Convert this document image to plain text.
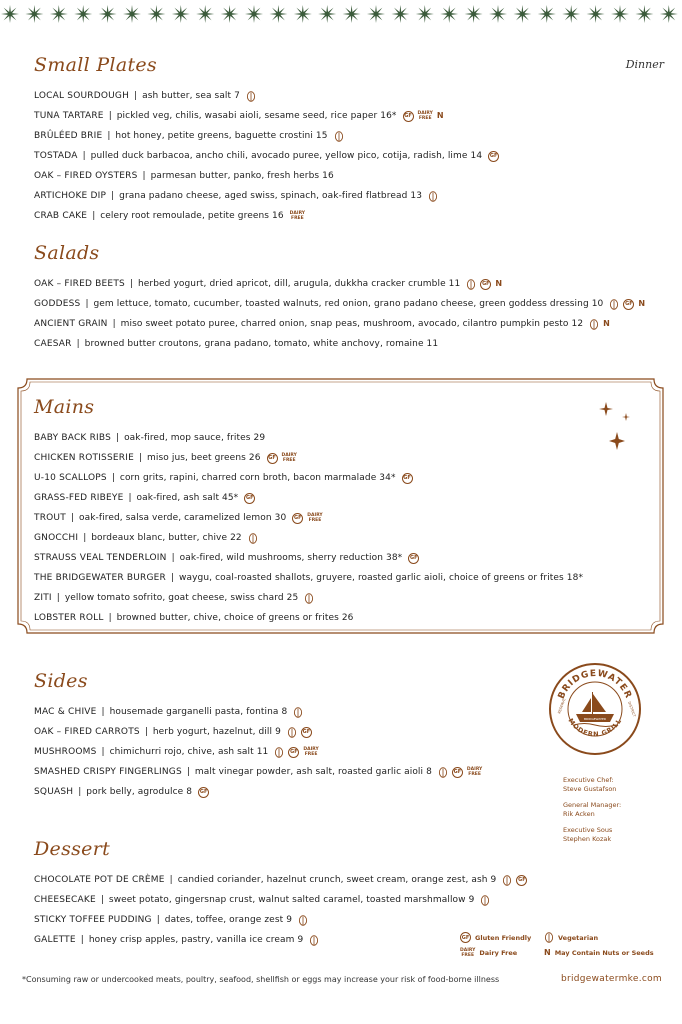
Dinner
Small Plates
LOCAL SOURDOUGH | ash butter, sea salt 7
TUNA TARTARE | pickled veg, chilis, wasabi aioli, sesame seed, rice paper 16*	GF	DAIRY
FREE N
BRÛLÉED BRIE | hot honey, petite greens, baguette crostini 15
TOSTADA | pulled duck barbacoa, ancho chili, avocado puree, yellow pico, cotija, radish, lime 14	GF
OAK – FIRED OYSTERS | parmesan butter, panko, fresh herbs 16
ARTICHOKE DIP | grana padano cheese, aged swiss, spinach, oak-fired flatbread 13
CRAB CAKE | celery root remoulade, petite greens 16 DAIRY
FREE
Salads
OAK – FIRED BEETS | herbed yogurt, dried apricot, dill, arugula, dukkha cracker crumble 11	GF N
GODDESS | gem lettuce, tomato, cucumber, toasted walnuts, red onion, grano padano cheese, green goddess dressing 10	GF N
ANCIENT GRAIN | miso sweet potato puree, charred onion, snap peas, mushroom, avocado, cilantro pumpkin pesto 12	N
CAESAR | browned butter croutons, grana padano, tomato, white anchovy, romaine 11
Mains
BABY BACK RIBS | oak-fired, mop sauce, frites 29
CHICKEN ROTISSERIE | miso jus, beet greens 26	GF	DAIRY
FREE
U-10 SCALLOPS | corn grits, rapini, charred corn broth, bacon marmalade 34*	GF
GRASS-FED RIBEYE | oak-fired, ash salt 45*	GF
TROUT | oak-fired, salsa verde, caramelized lemon 30	GF	DAIRY
FREE
GNOCCHI | bordeaux blanc, butter, chive 22
STRAUSS VEAL TENDERLOIN | oak-fired, wild mushrooms, sherry reduction 38*	GF
THE BRIDGEWATER BURGER | waygu, coal-roasted shallots, gruyere, roasted garlic aioli, choice of greens or frites 18*
ZITI | yellow tomato sofrito, goat cheese, swiss chard 25
LOBSTER ROLL | browned butter, chive, choice of greens or frites 26
Sides
MAC & CHIVE | housemade garganelli pasta, fontina 8
OAK – FIRED CARROTS | herb yogurt, hazelnut, dill 9	GF
MUSHROOMS | chimichurri rojo, chive, ash salt 11	GF	DAIRY
FREE
SMASHED CRISPY FINGERLINGS | malt vinegar powder, ash salt, roasted garlic aioli 8	GF	DAIRY
FREE
SQUASH | pork belly, agrodulce 8	GF
Dessert
CHOCOLATE POT DE CRÈME | candied coriander, hazelnut crunch, sweet cream, orange zest, ash 9	GF
CHEESECAKE | sweet potato, gingersnap crust, walnut salted caramel, toasted marshmallow 9
STICKY TOFFEE PUDDING | dates, toffee, orange zest 9
GALETTE | honey crisp apples, pastry, vanilla ice cream 9
BRIDGEWATER
MODERN GRILL
RESERVE	DISTRICT
BRIDGEWATER
Executive Chef:
Steve Gustafson
General Manager:
Rik Acken
Executive Sous
Stephen Kozak
GF Gluten Friendly	Vegetarian
DAIRY
FREE Dairy Free	N May Contain Nuts or Seeds
*Consuming raw or undercooked meats, poultry, seafood, shellfish or eggs may increase your risk of food-borne illness	bridgewatermke.com
